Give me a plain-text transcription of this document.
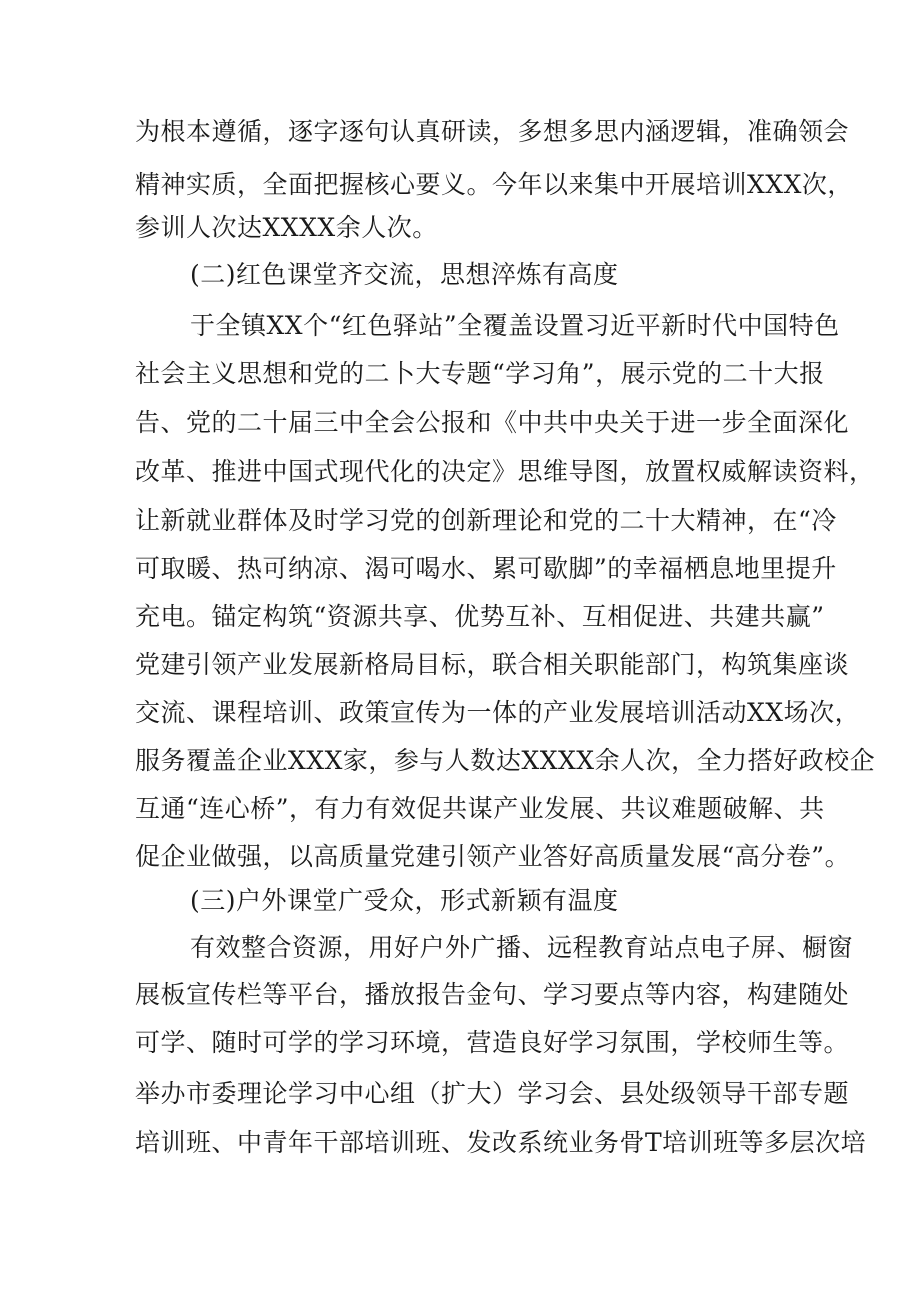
为根本遵循，逐字逐句认真研读，多想多思内涵逻辑，准确领会
精神实质，全面把握核心要义。今年以来集中开展培训XXX次，
参训人次达XXXX余人次。
(二)红色课堂齐交流，思想淬炼有高度
于全镇XX个“红色驿站”全覆盖设置习近平新时代中国特色
社会主义思想和党的二卜大专题“学习角”，展示党的二十大报
告、党的二十届三中全会公报和《中共中央关于进一步全面深化
改革、推进中国式现代化的决定》思维导图，放置权威解读资料，
让新就业群体及时学习党的创新理论和党的二十大精神，在“冷
可取暖、热可纳凉、渴可喝水、累可歇脚”的幸福栖息地里提升
充电。锚定构筑“资源共享、优势互补、互相促进、共建共赢”
党建引领产业发展新格局目标，联合相关职能部门，构筑集座谈
交流、课程培训、政策宣传为一体的产业发展培训活动XX场次，
服务覆盖企业XXX家，参与人数达XXXX余人次，全力搭好政校企
互通“连心桥”，有力有效促共谋产业发展、共议难题破解、共
促企业做强，以高质量党建引领产业答好高质量发展“高分卷”。
(三)户外课堂广受众，形式新颖有温度
有效整合资源，用好户外广播、远程教育站点电子屏、橱窗
展板宣传栏等平台，播放报告金句、学习要点等内容，构建随处
可学、随时可学的学习环境，营造良好学习氛围，学校师生等。
举办市委理论学习中心组（扩大）学习会、县处级领导干部专题
培训班、中青年干部培训班、发改系统业务骨T培训班等多层次培
